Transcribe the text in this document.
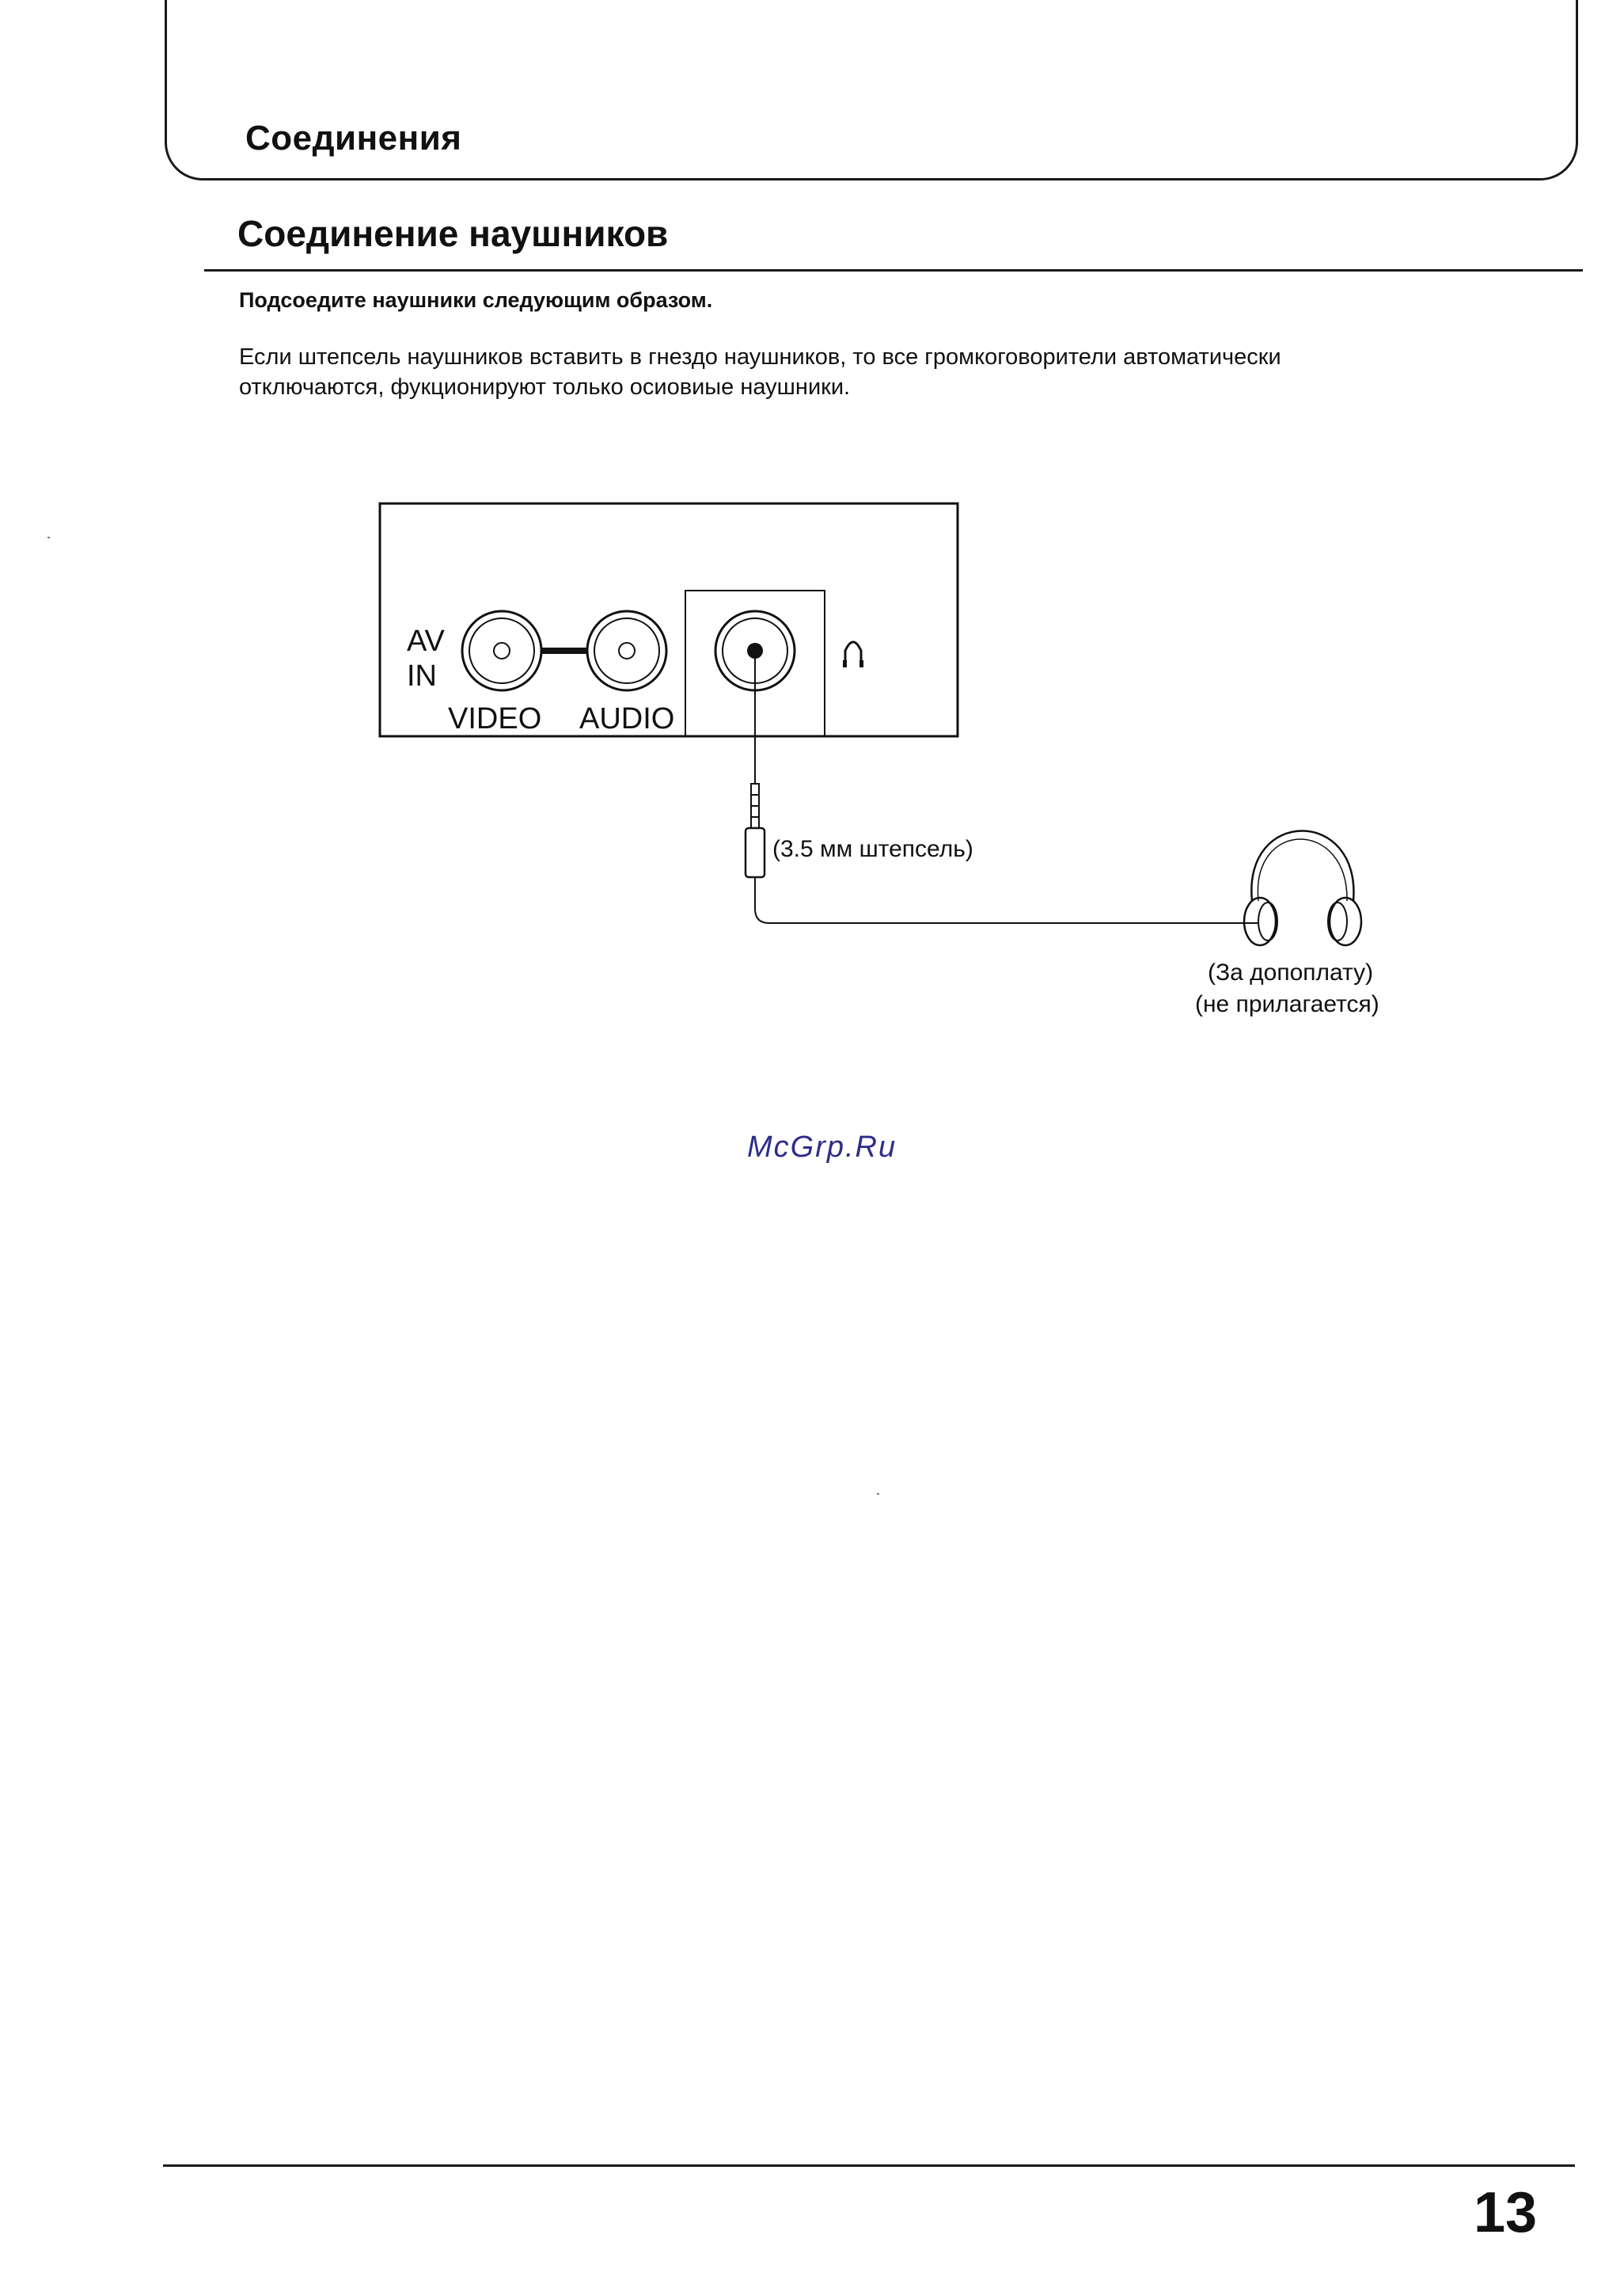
Соединения
Соединение наушников

Подсоедите наушники следующим образом.

Если штепсель наушников вставить в гнездо наушников, то все громкоговорители автоматически
отключаются, фукционируют только осиовиые наушники.

AV
IN
VIDEO AUDIO
(3.5 мм штепсель)
(За допоплату)
(не прилагается)

McGrp.Ru

13
